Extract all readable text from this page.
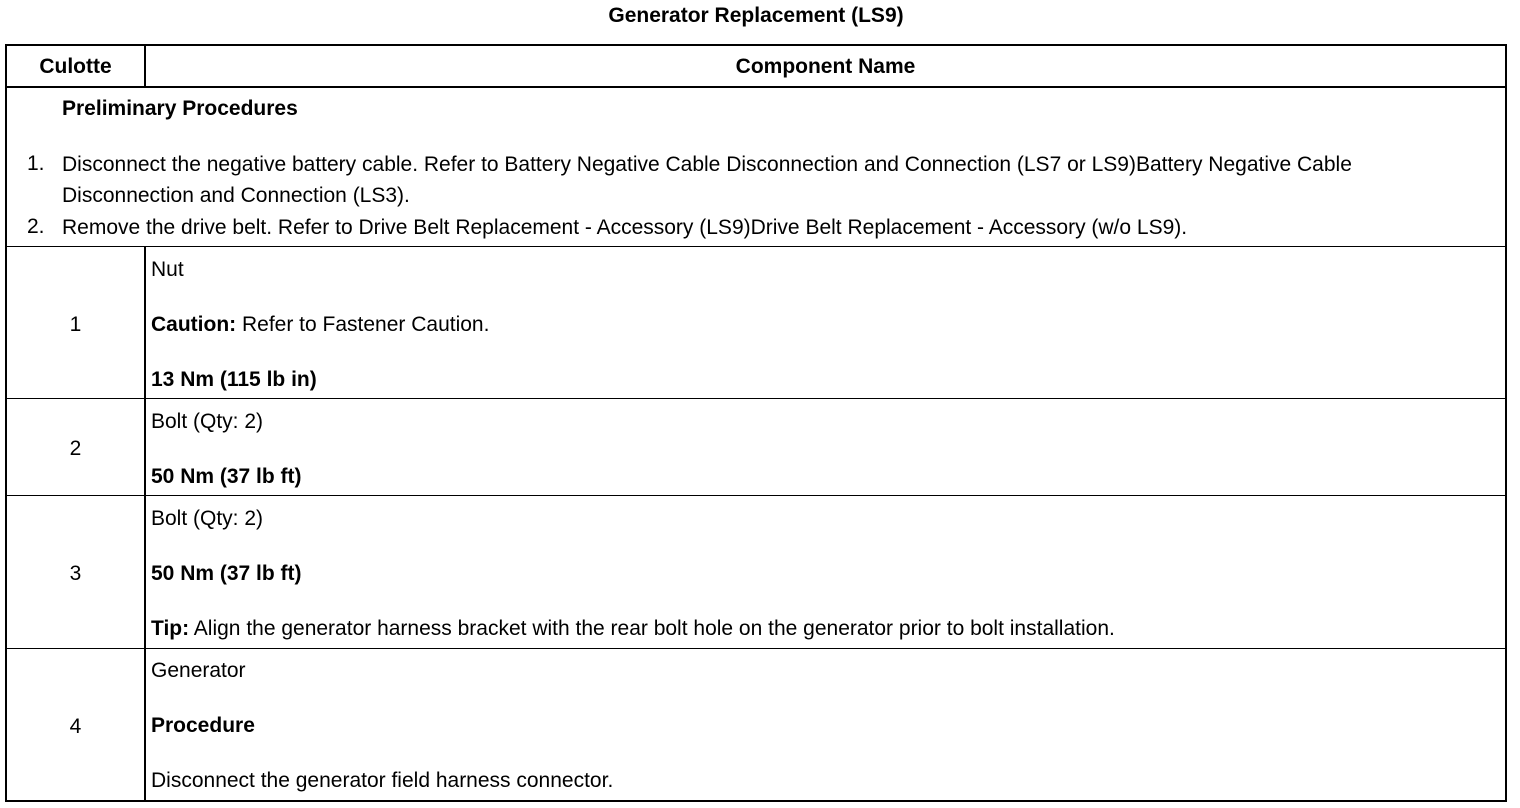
Generator Replacement (LS9)
Culotte	Component Name
Preliminary Procedures
1. Disconnect the negative battery cable. Refer to Battery Negative Cable Disconnection and Connection (LS7 or LS9)Battery Negative Cable Disconnection and Connection (LS3).
2. Remove the drive belt. Refer to Drive Belt Replacement - Accessory (LS9)Drive Belt Replacement - Accessory (w/o LS9).
1
Nut
Caution: Refer to Fastener Caution.
13 Nm (115 lb in)
2
Bolt (Qty: 2)
50 Nm (37 lb ft)
3
Bolt (Qty: 2)
50 Nm (37 lb ft)
Tip: Align the generator harness bracket with the rear bolt hole on the generator prior to bolt installation.
4
Generator
Procedure
Disconnect the generator field harness connector.
